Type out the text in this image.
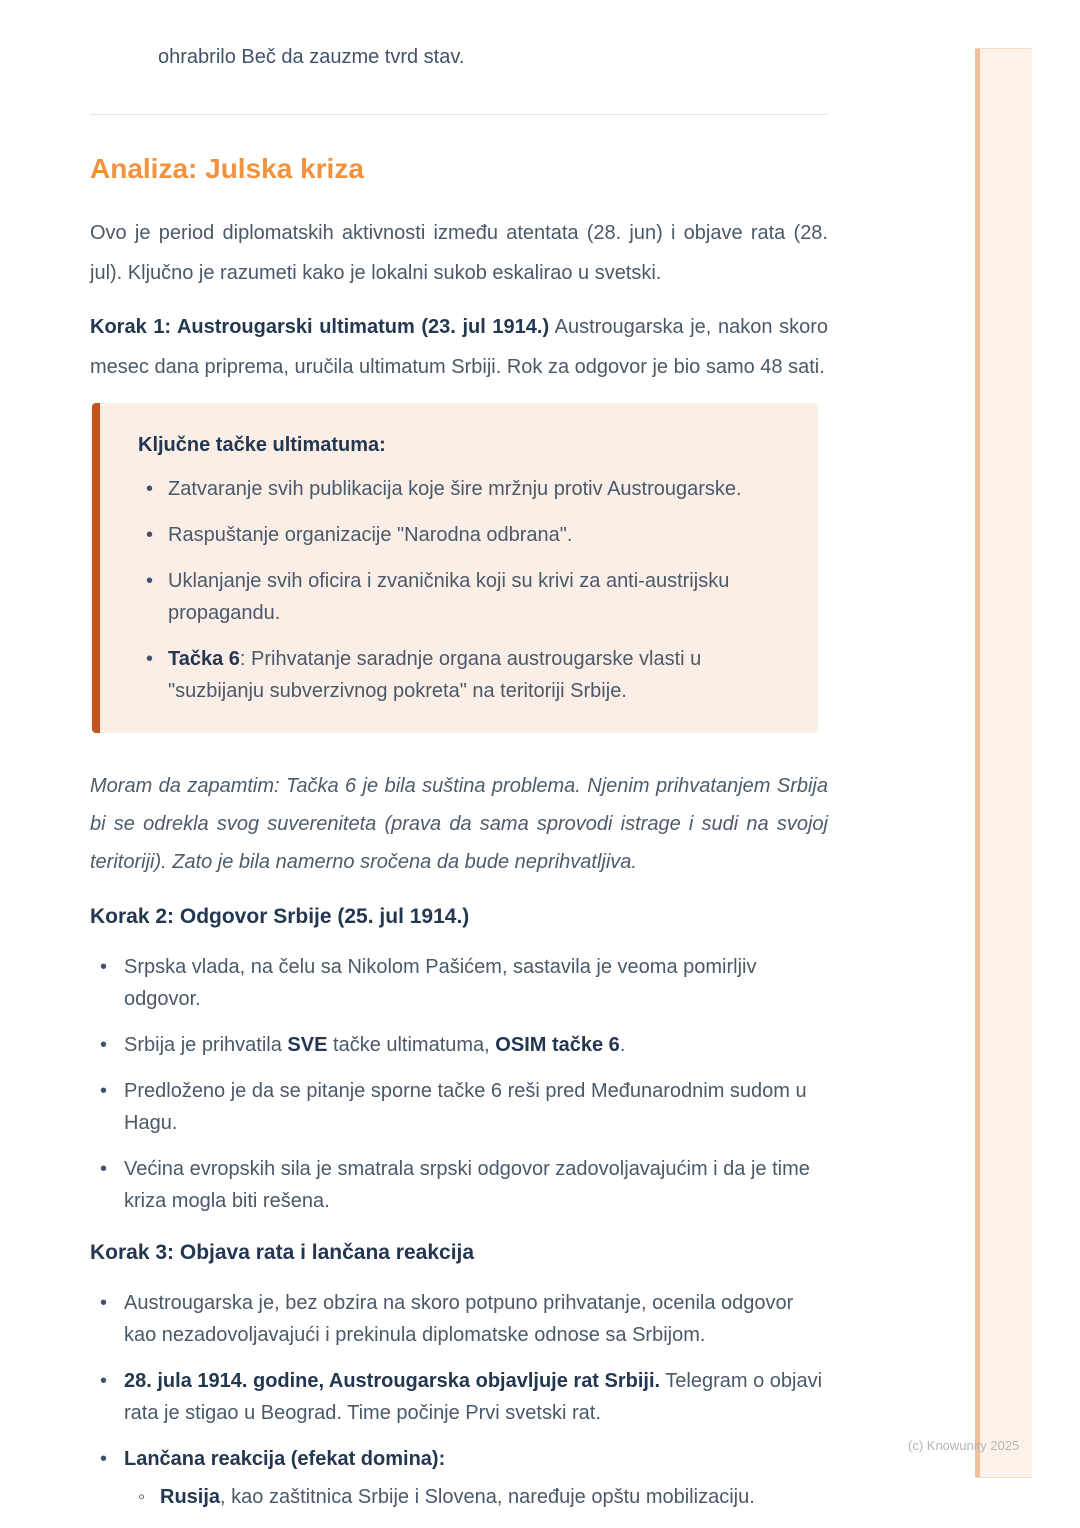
(c) Knowunity 2025

ohrabrilo Beč da zauzme tvrd stav.

Analiza: Julska kriza

Ovo je period diplomatskih aktivnosti između atentata (28. jun) i objave rata (28. jul). Ključno je razumeti kako je lokalni sukob eskalirao u svetski.

Korak 1: Austrougarski ultimatum (23. jul 1914.) Austrougarska je, nakon skoro mesec dana priprema, uručila ultimatum Srbiji. Rok za odgovor je bio samo 48 sati.

Ključne tačke ultimatuma:

• Zatvaranje svih publikacija koje šire mržnju protiv Austrougarske.
• Raspuštanje organizacije "Narodna odbrana".
• Uklanjanje svih oficira i zvaničnika koji su krivi za anti-austrijsku propagandu.
• Tačka 6: Prihvatanje saradnje organa austrougarske vlasti u "suzbijanju subverzivnog pokreta" na teritoriji Srbije.

Moram da zapamtim: Tačka 6 je bila suština problema. Njenim prihvatanjem Srbija bi se odrekla svog suvereniteta (prava da sama sprovodi istrage i sudi na svojoj teritoriji). Zato je bila namerno sročena da bude neprihvatljiva.

Korak 2: Odgovor Srbije (25. jul 1914.)
• Srpska vlada, na čelu sa Nikolom Pašićem, sastavila je veoma pomirljiv odgovor.
• Srbija je prihvatila SVE tačke ultimatuma, OSIM tačke 6.
• Predloženo je da se pitanje sporne tačke 6 reši pred Međunarodnim sudom u Hagu.
• Većina evropskih sila je smatrala srpski odgovor zadovoljavajućim i da je time kriza mogla biti rešena.
Korak 3: Objava rata i lančana reakcija
• Austrougarska je, bez obzira na skoro potpuno prihvatanje, ocenila odgovor kao nezadovoljavajući i prekinula diplomatske odnose sa Srbijom.
• 28. jula 1914. godine, Austrougarska objavljuje rat Srbiji. Telegram o objavi rata je stigao u Beograd. Time počinje Prvi svetski rat.
• Lančana reakcija (efekat domina):
◦ Rusija, kao zaštitnica Srbije i Slovena, naređuje opštu mobilizaciju.
